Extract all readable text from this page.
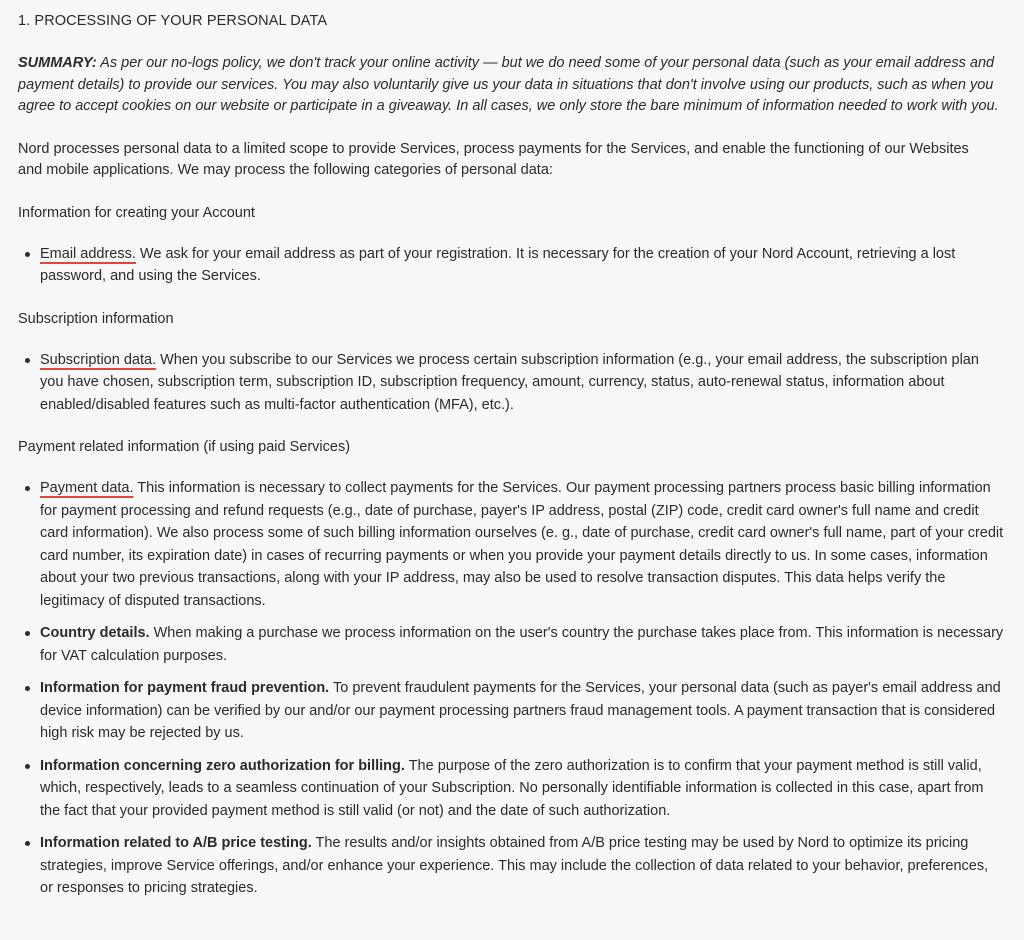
1. PROCESSING OF YOUR PERSONAL DATA

SUMMARY: As per our no-logs policy, we don't track your online activity — but we do need some of your personal data (such as your email address and payment details) to provide our services. You may also voluntarily give us your data in situations that don't involve using our products, such as when you agree to accept cookies on our website or participate in a giveaway. In all cases, we only store the bare minimum of information needed to work with you.

Nord processes personal data to a limited scope to provide Services, process payments for the Services, and enable the functioning of our Websites and mobile applications. We may process the following categories of personal data:

Information for creating your Account
Email address. We ask for your email address as part of your registration. It is necessary for the creation of your Nord Account, retrieving a lost password, and using the Services.
Subscription information
Subscription data. When you subscribe to our Services we process certain subscription information (e.g., your email address, the subscription plan you have chosen, subscription term, subscription ID, subscription frequency, amount, currency, status, auto-renewal status, information about enabled/disabled features such as multi-factor authentication (MFA), etc.).
Payment related information (if using paid Services)
Payment data. This information is necessary to collect payments for the Services. Our payment processing partners process basic billing information for payment processing and refund requests (e.g., date of purchase, payer's IP address, postal (ZIP) code, credit card owner's full name and credit card information). We also process some of such billing information ourselves (e. g., date of purchase, credit card owner's full name, part of your credit card number, its expiration date) in cases of recurring payments or when you provide your payment details directly to us. In some cases, information about your two previous transactions, along with your IP address, may also be used to resolve transaction disputes. This data helps verify the legitimacy of disputed transactions.
Country details. When making a purchase we process information on the user's country the purchase takes place from. This information is necessary for VAT calculation purposes.
Information for payment fraud prevention. To prevent fraudulent payments for the Services, your personal data (such as payer's email address and device information) can be verified by our and/or our payment processing partners fraud management tools. A payment transaction that is considered high risk may be rejected by us.
Information concerning zero authorization for billing. The purpose of the zero authorization is to confirm that your payment method is still valid, which, respectively, leads to a seamless continuation of your Subscription. No personally identifiable information is collected in this case, apart from the fact that your provided payment method is still valid (or not) and the date of such authorization.
Information related to A/B price testing. The results and/or insights obtained from A/B price testing may be used by Nord to optimize its pricing strategies, improve Service offerings, and/or enhance your experience. This may include the collection of data related to your behavior, preferences, or responses to pricing strategies.
